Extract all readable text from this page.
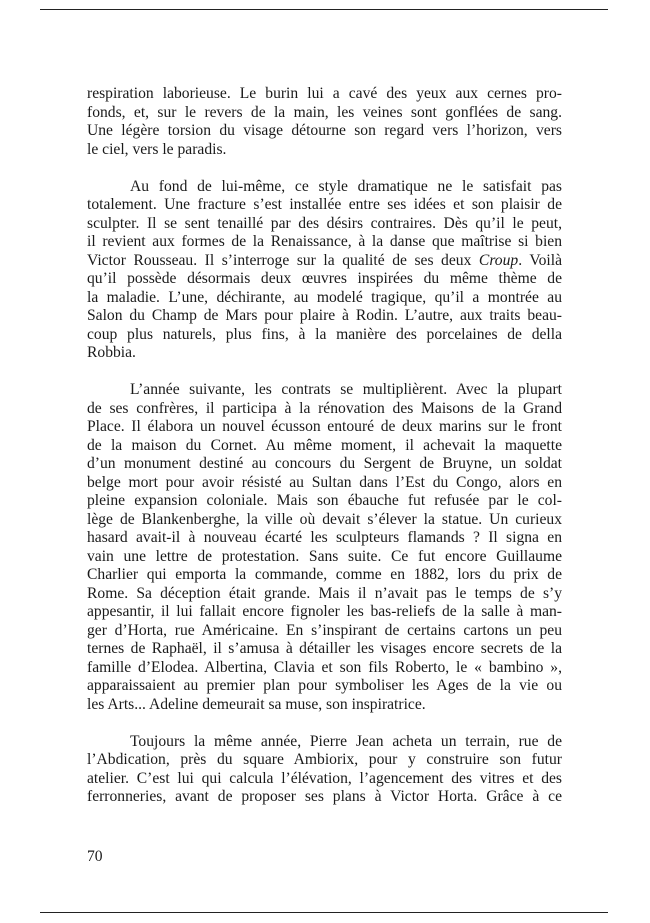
respiration laborieuse. Le burin lui a cavé des yeux aux cernes pro-
fonds, et, sur le revers de la main, les veines sont gonflées de sang.
Une légère torsion du visage détourne son regard vers l’horizon, vers
le ciel, vers le paradis.
Au fond de lui-même, ce style dramatique ne le satisfait pas
totalement. Une fracture s’est installée entre ses idées et son plaisir de
sculpter. Il se sent tenaillé par des désirs contraires. Dès qu’il le peut,
il revient aux formes de la Renaissance, à la danse que maîtrise si bien
Victor Rousseau. Il s’interroge sur la qualité de ses deux Croup. Voilà
qu’il possède désormais deux œuvres inspirées du même thème de
la maladie. L’une, déchirante, au modelé tragique, qu’il a montrée au
Salon du Champ de Mars pour plaire à Rodin. L’autre, aux traits beau-
coup plus naturels, plus fins, à la manière des porcelaines de della
Robbia.
L’année suivante, les contrats se multiplièrent. Avec la plupart
de ses confrères, il participa à la rénovation des Maisons de la Grand
Place. Il élabora un nouvel écusson entouré de deux marins sur le front
de la maison du Cornet. Au même moment, il achevait la maquette
d’un monument destiné au concours du Sergent de Bruyne, un soldat
belge mort pour avoir résisté au Sultan dans l’Est du Congo, alors en
pleine expansion coloniale. Mais son ébauche fut refusée par le col-
lège de Blankenberghe, la ville où devait s’élever la statue. Un curieux
hasard avait-il à nouveau écarté les sculpteurs flamands ? Il signa en
vain une lettre de protestation. Sans suite. Ce fut encore Guillaume
Charlier qui emporta la commande, comme en 1882, lors du prix de
Rome. Sa déception était grande. Mais il n’avait pas le temps de s’y
appesantir, il lui fallait encore fignoler les bas-reliefs de la salle à man-
ger d’Horta, rue Américaine. En s’inspirant de certains cartons un peu
ternes de Raphaël, il s’amusa à détailler les visages encore secrets de la
famille d’Elodea. Albertina, Clavia et son fils Roberto, le « bambino »,
apparaissaient au premier plan pour symboliser les Ages de la vie ou
les Arts... Adeline demeurait sa muse, son inspiratrice.
Toujours la même année, Pierre Jean acheta un terrain, rue de
l’Abdication, près du square Ambiorix, pour y construire son futur
atelier. C’est lui qui calcula l’élévation, l’agencement des vitres et des
ferronneries, avant de proposer ses plans à Victor Horta. Grâce à ce
70
